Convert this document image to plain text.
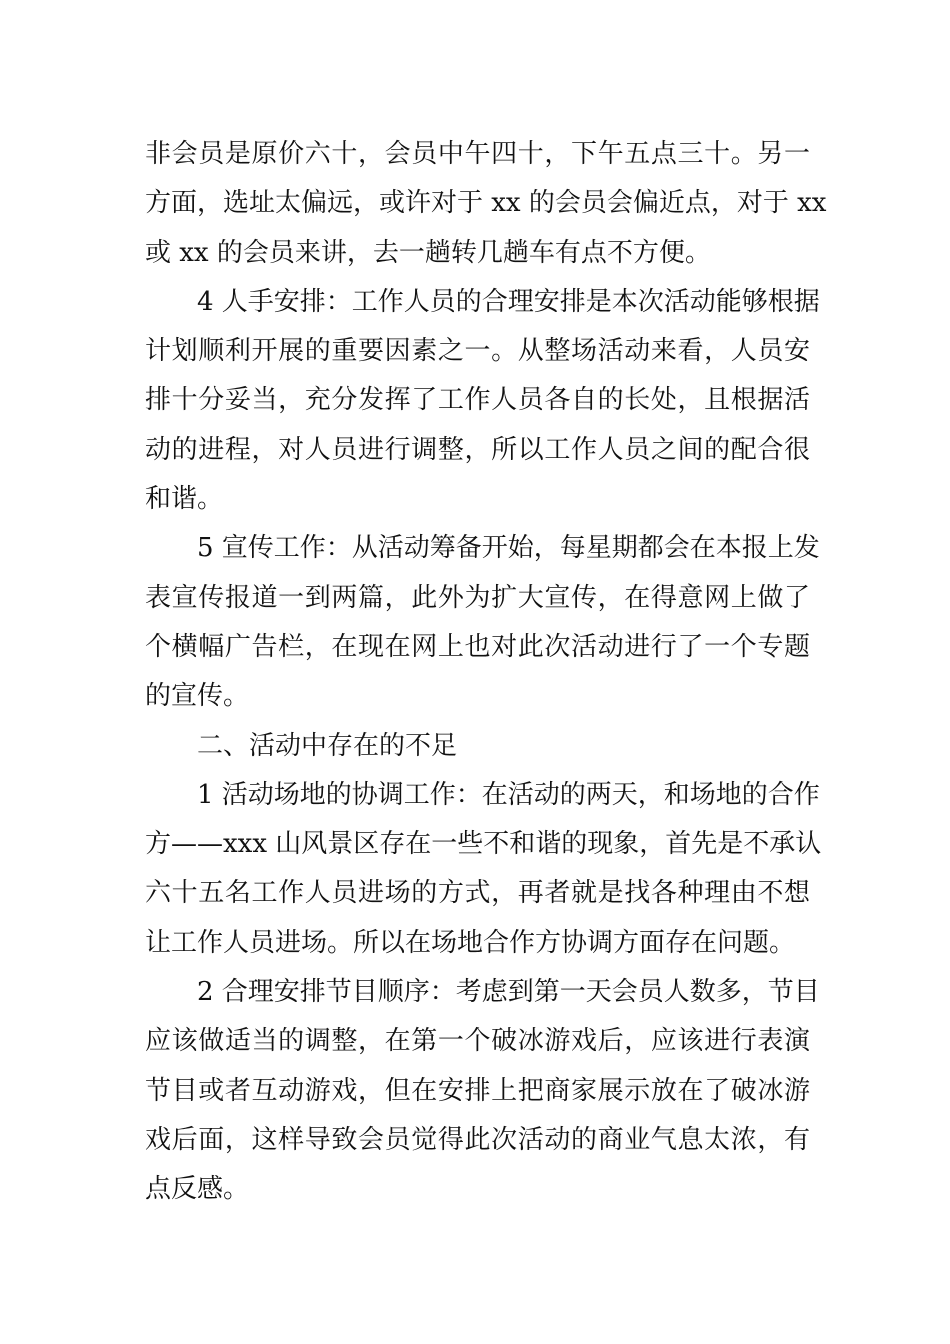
非会员是原价六十，会员中午四十，下午五点三十。另一
方面，选址太偏远，或许对于 xx 的会员会偏近点，对于 xx
或 xx 的会员来讲，去一趟转几趟车有点不方便。
4 人手安排：工作人员的合理安排是本次活动能够根据
计划顺利开展的重要因素之一。从整场活动来看，人员安
排十分妥当，充分发挥了工作人员各自的长处，且根据活
动的进程，对人员进行调整，所以工作人员之间的配合很
和谐。
5 宣传工作：从活动筹备开始，每星期都会在本报上发
表宣传报道一到两篇，此外为扩大宣传，在得意网上做了
个横幅广告栏，在现在网上也对此次活动进行了一个专题
的宣传。
二、活动中存在的不足
1 活动场地的协调工作：在活动的两天，和场地的合作
方——xxx 山风景区存在一些不和谐的现象，首先是不承认
六十五名工作人员进场的方式，再者就是找各种理由不想
让工作人员进场。所以在场地合作方协调方面存在问题。
2 合理安排节目顺序：考虑到第一天会员人数多，节目
应该做适当的调整，在第一个破冰游戏后，应该进行表演
节目或者互动游戏，但在安排上把商家展示放在了破冰游
戏后面，这样导致会员觉得此次活动的商业气息太浓，有
点反感。
